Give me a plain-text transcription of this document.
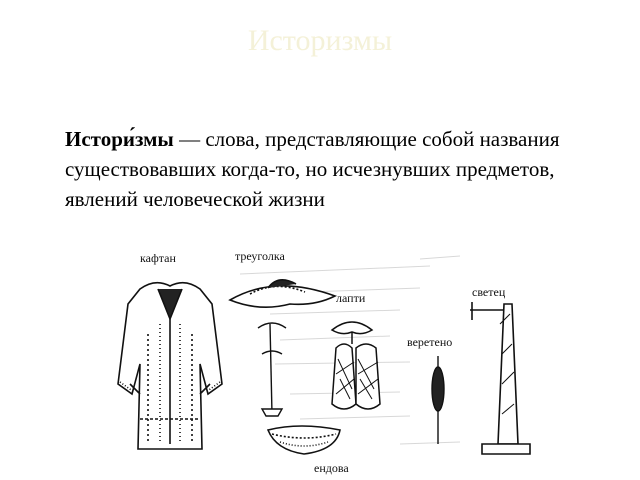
Историзмы
Истори́змы — слова, представляющие собой названия существовавших когда-то, но исчезнувших предметов, явлений человеческой жизни
кафтан	треуголка
лапти
веретено
светец
ендова
